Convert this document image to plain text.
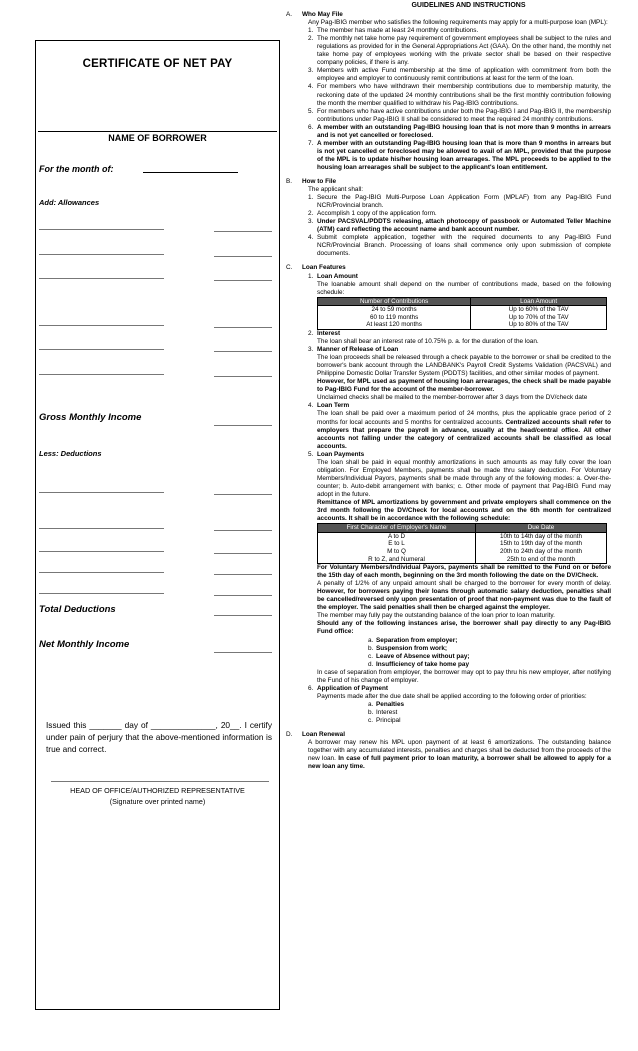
CERTIFICATE OF NET PAY
NAME OF BORROWER
For the month of:
Add: Allowances
Gross Monthly Income
Less: Deductions
Total Deductions
Net Monthly Income
Issued this _______ day of ______________, 20__. I certify under pain of perjury that the above-mentioned information is true and correct.
HEAD OF OFFICE/AUTHORIZED REPRESENTATIVE
(Signature over printed name)
GUIDELINES AND INSTRUCTIONS
A.	Who May File
Any Pag-IBIG member who satisfies the following requirements may apply for a multi-purpose loan (MPL):
1. The member has made at least 24 monthly contributions.
2. The monthly net take home pay requirement of government employees shall be subject to the rules and regulations as provided for in the General Appropriations Act (GAA). On the other hand, the monthly net take home pay of employees working with the private sector shall be based on their respective company policies, if there is any.
3. Members with active Fund membership at the time of application with commitment from both the employee and employer to continuously remit contributions at least for the term of the loan.
4. For members who have withdrawn their membership contributions due to membership maturity, the reckoning date of the updated 24 monthly contributions shall be the first monthly contribution following the month the member qualified to withdraw his Pag-IBIG contributions.
5. For members who have active contributions under both the Pag-IBIG I and Pag-IBIG II, the membership contributions under Pag-IBIG II shall be considered to meet the required 24 monthly contributions.
6. A member with an outstanding Pag-IBIG housing loan that is not more than 9 months in arrears and is not yet cancelled or foreclosed.
7. A member with an outstanding Pag-IBIG housing loan that is more than 9 months in arrears but is not yet cancelled or foreclosed may be allowed to avail of an MPL, provided that the purpose of the MPL is to update his/her housing loan arrearages. The MPL proceeds to be applied to the housing loan arrearages shall be subject to the applicant's loan entitlement.
B.	How to File
The applicant shall:
1. Secure the Pag-IBIG Multi-Purpose Loan Application Form (MPLAF) from any Pag-IBIG Fund NCR/Provincial branch.
2. Accomplish 1 copy of the application form.
3. Under PACSVAL/PDDTS releasing, attach photocopy of passbook or Automated Teller Machine (ATM) card reflecting the account name and bank account number.
4. Submit complete application, together with the required documents to any Pag-IBIG Fund NCR/Provincial Branch. Processing of loans shall commence only upon submission of complete documents.
C.	Loan Features
1. Loan Amount
The loanable amount shall depend on the number of contributions made, based on the following schedule:
Number of Contributions	Loan Amount
24 to 59 months	Up to 60% of the TAV
60 to 119 months	Up to 70% of the TAV
At least 120 months	Up to 80% of the TAV
2. Interest
The loan shall bear an interest rate of 10.75% p. a. for the duration of the loan.
3. Manner of Release of Loan
The loan proceeds shall be released through a check payable to the borrower or shall be credited to the borrower's bank account through the LANDBANK's Payroll Credit Systems Validation (PACSVAL) and Philippine Domestic Dollar Transfer System (PDDTS) facilities, and other similar modes of payment.
However, for MPL used as payment of housing loan arrearages, the check shall be made payable to Pag-IBIG Fund for the account of the member-borrower.
Unclaimed checks shall be mailed to the member-borrower after 3 days from the DV/check date
4. Loan Term
The loan shall be paid over a maximum period of 24 months, plus the applicable grace period of 2 months for local accounts and 5 months for centralized accounts. Centralized accounts shall refer to employers that prepare the payroll in advance, usually at the head/central office. All other accounts not falling under the category of centralized accounts shall be classified as local accounts.
5. Loan Payments
The loan shall be paid in equal monthly amortizations in such amounts as may fully cover the loan obligation. For Employed Members, payments shall be made thru salary deduction. For Voluntary Members/Individual Payors, payments shall be made through any of the following modes: a. Over-the-counter; b. Auto-debit arrangement with banks; c. Other mode of payment that Pag-IBIG Fund may adopt in the future.
Remittance of MPL amortizations by government and private employers shall commence on the 3rd month following the DV/Check for local accounts and on the 6th month for centralized accounts. It shall be in accordance with the following schedule:
First Character of Employer's Name	Due Date
A to D	10th to 14th day of the month
E to L	15th to 19th day of the month
M to Q	20th to 24th day of the month
R to Z, and Numeral	25th to end of the month
For Voluntary Members/Individual Payors, payments shall be remitted to the Fund on or before the 15th day of each month, beginning on the 3rd month following the date on the DV/Check.
A penalty of 1/2% of any unpaid amount shall be charged to the borrower for every month of delay. However, for borrowers paying their loans through automatic salary deduction, penalties shall be cancelled/reversed only upon presentation of proof that non-payment was due to the fault of the employer. The said penalties shall then be charged against the employer.
The member may fully pay the outstanding balance of the loan prior to loan maturity.
Should any of the following instances arise, the borrower shall pay directly to any Pag-IBIG Fund office:
a. Separation from employer;
b. Suspension from work;
c. Leave of Absence without pay;
d. Insufficiency of take home pay
In case of separation from employer, the borrower may opt to pay thru his new employer, after notifying the Fund of his change of employer.
6. Application of Payment
Payments made after the due date shall be applied according to the following order of priorities:
a. Penalties
b. Interest
c. Principal
D.	Loan Renewal
A borrower may renew his MPL upon payment of at least 6 amortizations. The outstanding balance together with any accumulated interests, penalties and charges shall be deducted from the proceeds of the new loan. In case of full payment prior to loan maturity, a borrower shall be allowed to apply for a new loan any time.
